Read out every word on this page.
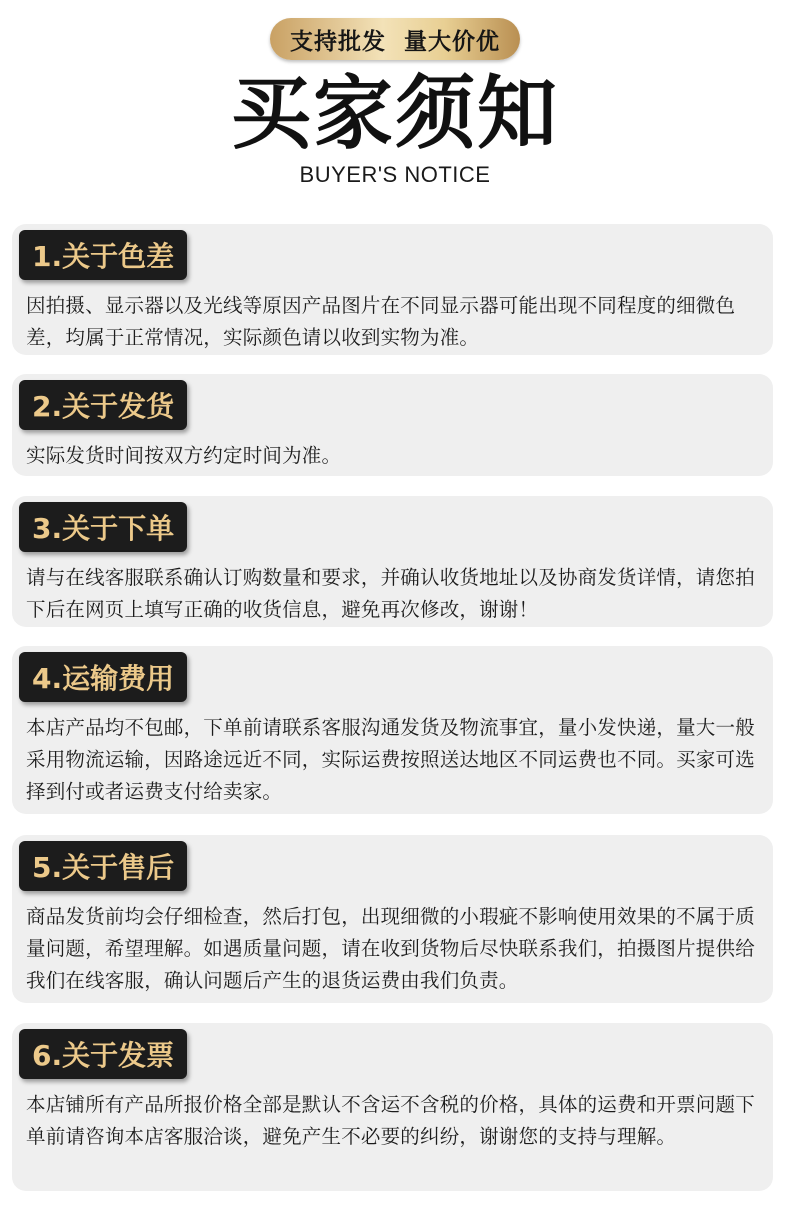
支持批发  量大价优
买家须知
BUYER'S NOTICE
1.关于色差

因拍摄、显示器以及光线等原因产品图片在不同显示器可能出现不同程度的细微色差，均属于正常情况，实际颜色请以收到实物为准。

2.关于发货

实际发货时间按双方约定时间为准。

3.关于下单

请与在线客服联系确认订购数量和要求，并确认收货地址以及协商发货详情，请您拍下后在网页上填写正确的收货信息，避免再次修改，谢谢！

4.运输费用

本店产品均不包邮，下单前请联系客服沟通发货及物流事宜，量小发快递，量大一般采用物流运输，因路途远近不同，实际运费按照送达地区不同运费也不同。买家可选择到付或者运费支付给卖家。

5.关于售后

商品发货前均会仔细检查，然后打包，出现细微的小瑕疵不影响使用效果的不属于质量问题，希望理解。如遇质量问题，请在收到货物后尽快联系我们，拍摄图片提供给我们在线客服，确认问题后产生的退货运费由我们负责。

6.关于发票

本店铺所有产品所报价格全部是默认不含运不含税的价格，具体的运费和开票问题下单前请咨询本店客服洽谈，避免产生不必要的纠纷，谢谢您的支持与理解。
